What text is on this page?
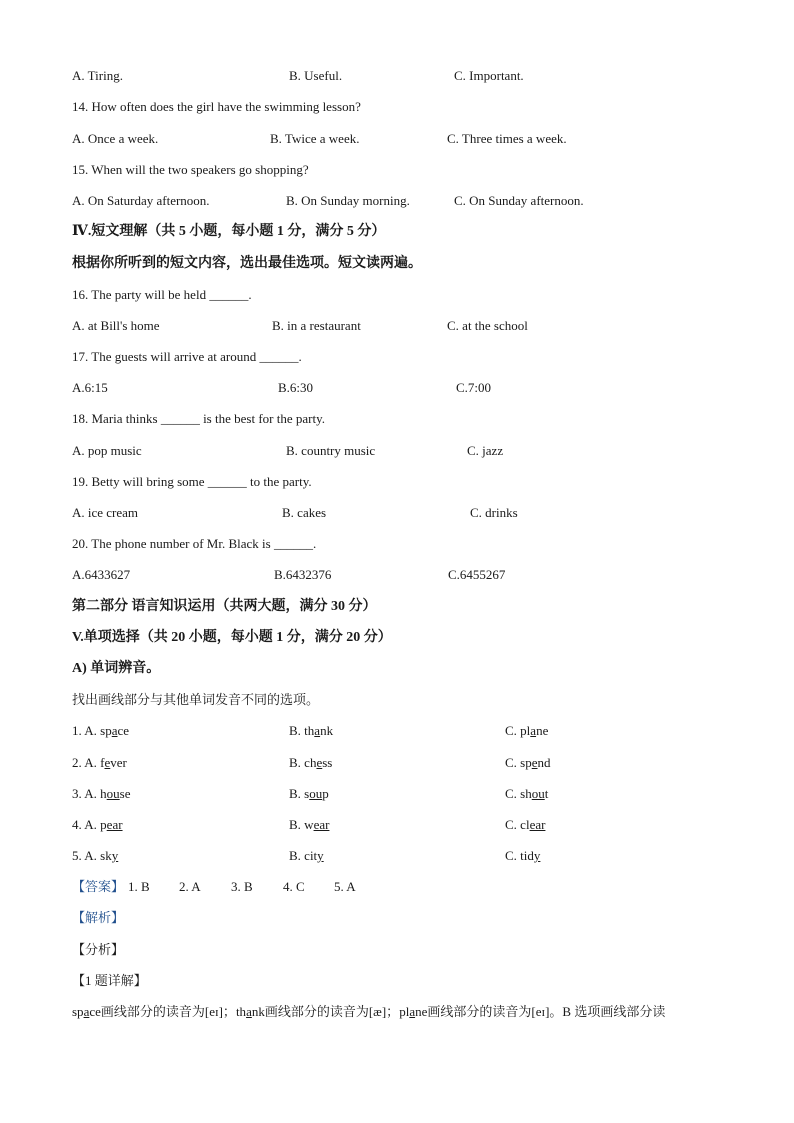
A. Tiring.	B. Useful.	C. Important.
14. How often does the girl have the swimming lesson?
A. Once a week.	B. Twice a week.	C. Three times a week.
15. When will the two speakers go shopping?
A. On Saturday afternoon.	B. On Sunday morning.	C. On Sunday afternoon.
Ⅳ.短文理解（共 5 小题，每小题 1 分，满分 5 分）
根据你所听到的短文内容，选出最佳选项。短文读两遍。
16. The party will be held ______.
A. at Bill's home	B. in a restaurant	C. at the school
17. The guests will arrive at around ______.
A.6:15	B.6:30	C.7:00
18. Maria thinks ______ is the best for the party.
A. pop music	B. country music	C. jazz
19. Betty will bring some ______ to the party.
A. ice cream	B. cakes	C. drinks
20. The phone number of Mr. Black is ______.
A.6433627	B.6432376	C.6455267
第二部分 语言知识运用（共两大题，满分 30 分）
V.单项选择（共 20 小题，每小题 1 分，满分 20 分）
A) 单词辨音。
找出画线部分与其他单词发音不同的选项。
1. A. space	B. thank	C. plane
2. A. fever	B. chess	C. spend
3. A. house	B. soup	C. shout
4. A. pear	B. wear	C. clear
5. A. sky	B. city	C. tidy
【答案】 1. B 2. A 3. B 4. C 5. A
【解析】
【分析】
【1 题详解】
space画线部分的读音为[eɪ]；thank画线部分的读音为[æ]；plane画线部分的读音为[eɪ]。B 选项画线部分读
